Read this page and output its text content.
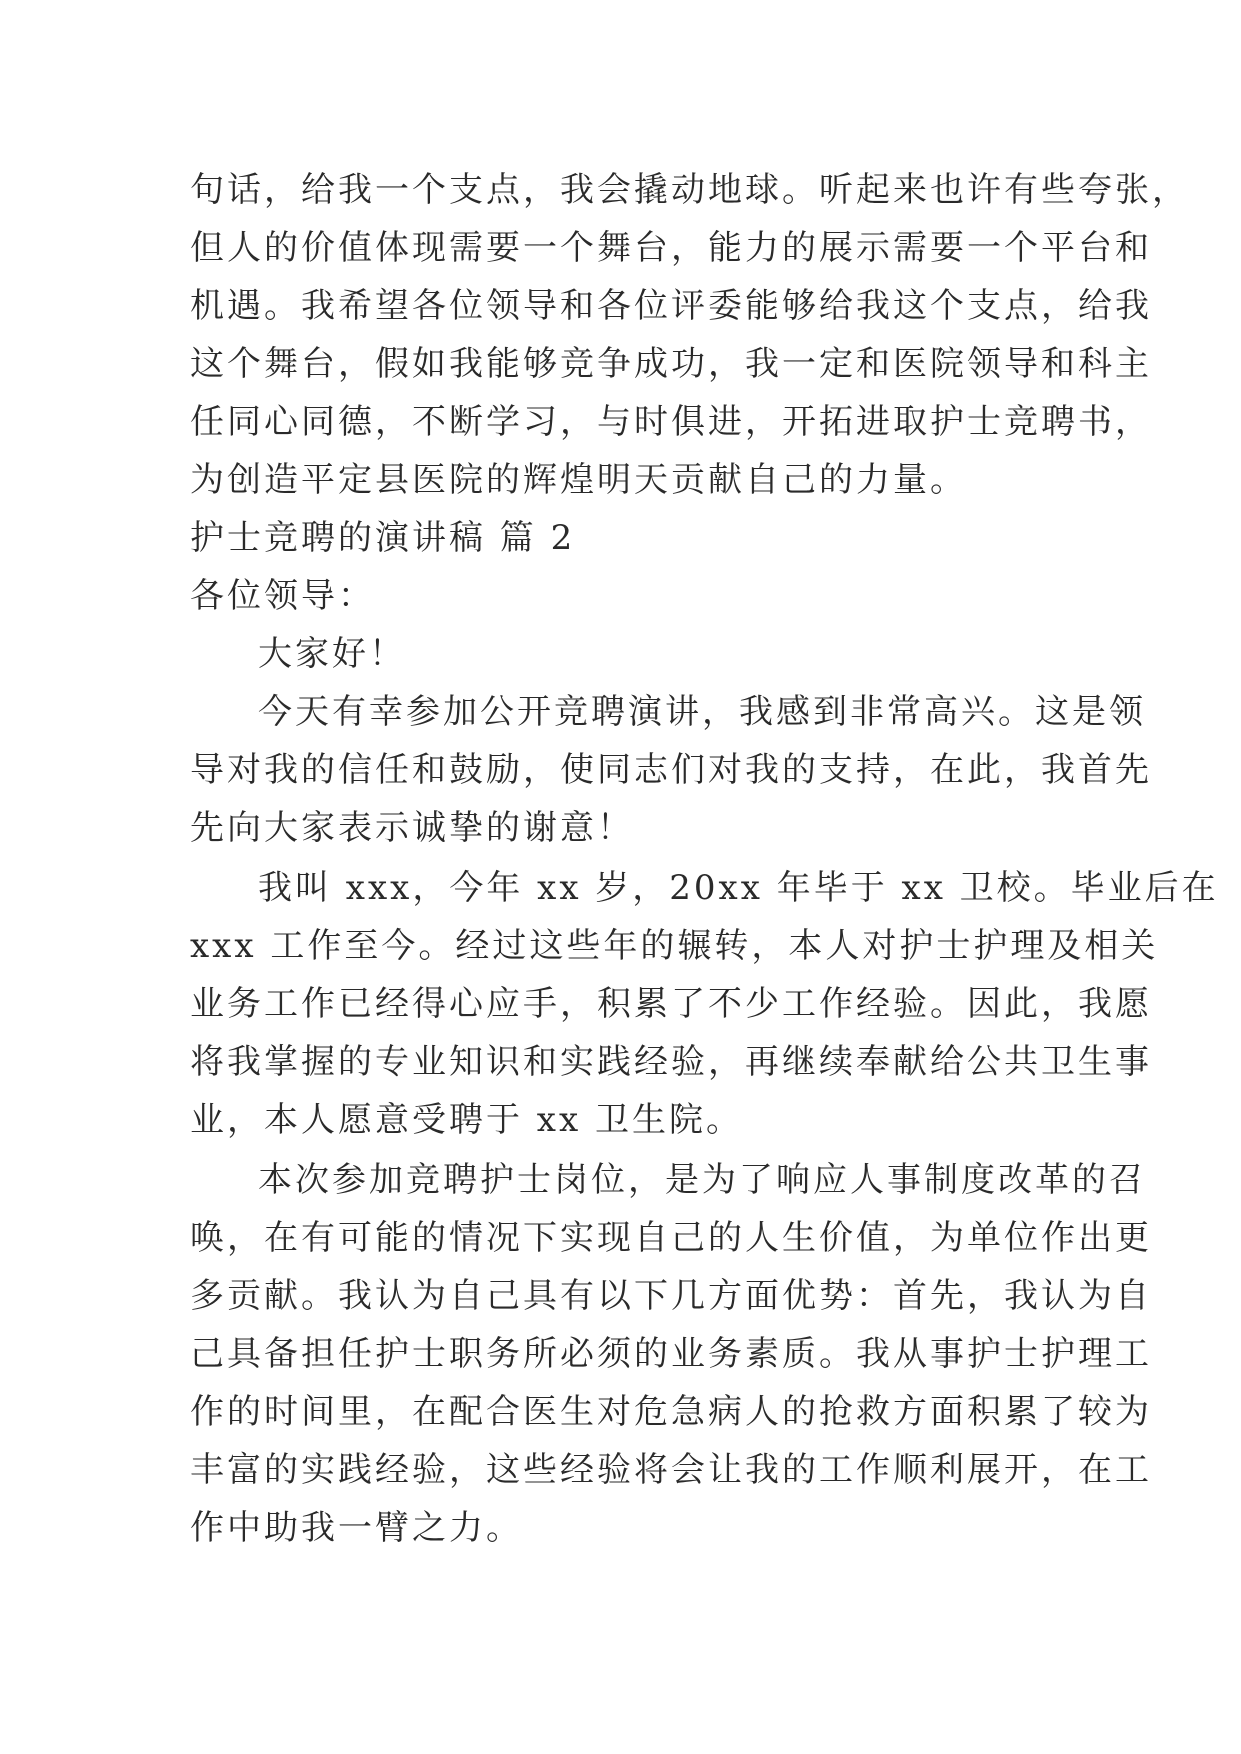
句话，给我一个支点，我会撬动地球。听起来也许有些夸张，
但人的价值体现需要一个舞台，能力的展示需要一个平台和
机遇。我希望各位领导和各位评委能够给我这个支点，给我
这个舞台，假如我能够竞争成功，我一定和医院领导和科主
任同心同德，不断学习，与时俱进，开拓进取护士竞聘书，
为创造平定县医院的辉煌明天贡献自己的力量。
护士竞聘的演讲稿 篇 2
各位领导：
大家好！
今天有幸参加公开竞聘演讲，我感到非常高兴。这是领
导对我的信任和鼓励，使同志们对我的支持，在此，我首先
先向大家表示诚挚的谢意！
我叫 xxx，今年 xx 岁，20xx 年毕于 xx 卫校。毕业后在
xxx 工作至今。经过这些年的辗转，本人对护士护理及相关
业务工作已经得心应手，积累了不少工作经验。因此，我愿
将我掌握的专业知识和实践经验，再继续奉献给公共卫生事
业，本人愿意受聘于 xx 卫生院。
本次参加竞聘护士岗位，是为了响应人事制度改革的召
唤，在有可能的情况下实现自己的人生价值，为单位作出更
多贡献。我认为自己具有以下几方面优势：首先，我认为自
己具备担任护士职务所必须的业务素质。我从事护士护理工
作的时间里，在配合医生对危急病人的抢救方面积累了较为
丰富的实践经验，这些经验将会让我的工作顺利展开，在工
作中助我一臂之力。
